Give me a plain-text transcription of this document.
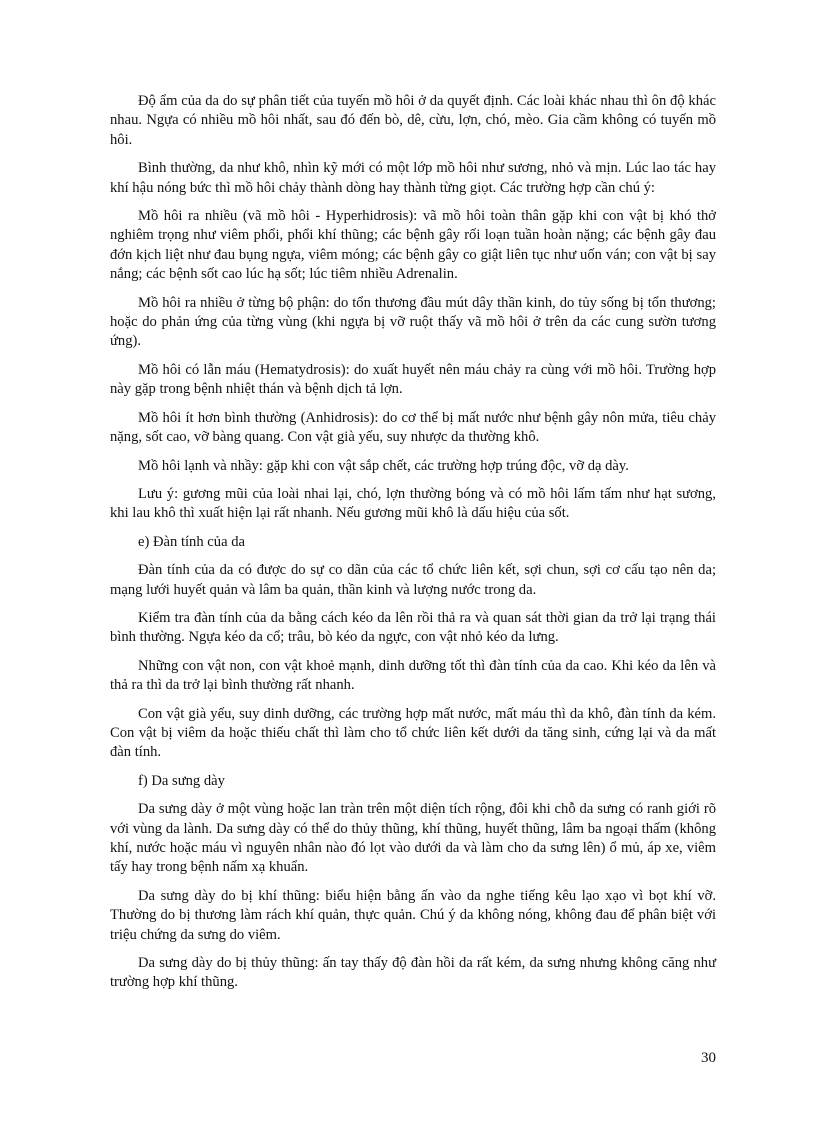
Độ ẩm của da do sự phân tiết của tuyến mồ hôi ở da quyết định. Các loài khác nhau thì ôn độ khác nhau. Ngựa có nhiều mồ hôi nhất, sau đó đến bò, dê, cừu, lợn, chó, mèo. Gia cầm không có tuyến mồ hôi.

Bình thường, da như khô, nhìn kỹ mới có một lớp mồ hôi như sương, nhỏ và mịn. Lúc lao tác hay khí hậu nóng bức thì mồ hôi chảy thành dòng hay thành từng giọt. Các trường hợp cần chú ý:

Mồ hôi ra nhiều (vã mồ hôi - Hyperhidrosis): vã mồ hôi toàn thân gặp khi con vật bị khó thở nghiêm trọng như viêm phổi, phổi khí thũng; các bệnh gây rối loạn tuần hoàn nặng; các bệnh gây đau đớn kịch liệt như đau bụng ngựa, viêm móng; các bệnh gây co giật liên tục như uốn ván; con vật bị say nắng; các bệnh sốt cao lúc hạ sốt; lúc tiêm nhiều Adrenalin.

Mồ hôi ra nhiều ở từng bộ phận: do tổn thương đầu mút dây thần kinh, do tủy sống bị tổn thương; hoặc do phản ứng của từng vùng (khi ngựa bị vỡ ruột thấy vã mồ hôi ở trên da các cung sườn tương ứng).

Mồ hôi có lẫn máu (Hematydrosis): do xuất huyết nên máu chảy ra cùng với mồ hôi. Trường hợp này gặp trong bệnh nhiệt thán và bệnh dịch tả lợn.

Mồ hôi ít hơn bình thường (Anhidrosis): do cơ thể bị mất nước như bệnh gây nôn mửa, tiêu chảy nặng, sốt cao, vỡ bàng quang. Con vật già yếu, suy nhược da thường khô.

Mồ hôi lạnh và nhầy: gặp khi con vật sắp chết, các trường hợp trúng độc, vỡ dạ dày.

Lưu ý: gương mũi của loài nhai lại, chó, lợn thường bóng và có mồ hôi lấm tấm như hạt sương, khi lau khô thì xuất hiện lại rất nhanh. Nếu gương mũi khô là dấu hiệu của sốt.

e) Đàn tính của da

Đàn tính của da có được do sự co dãn của các tổ chức liên kết, sợi chun, sợi cơ cấu tạo nên da; mạng lưới huyết quản và lâm ba quản, thần kinh và lượng nước trong da.

Kiểm tra đàn tính của da bằng cách kéo da lên rồi thả ra và quan sát thời gian da trở lại trạng thái bình thường. Ngựa kéo da cổ; trâu, bò kéo da ngực, con vật nhỏ kéo da lưng.

Những con vật non, con vật khoẻ mạnh, dinh dưỡng tốt thì đàn tính của da cao. Khi kéo da lên và thả ra thì da trở lại bình thường rất nhanh.

Con vật già yếu, suy dinh dưỡng, các trường hợp mất nước, mất máu thì da khô, đàn tính da kém. Con vật bị viêm da hoặc thiếu chất thì làm cho tổ chức liên kết dưới da tăng sinh, cứng lại và da mất đàn tính.

f) Da sưng dày

Da sưng dày ở một vùng hoặc lan tràn trên một diện tích rộng, đôi khi chỗ da sưng có ranh giới rõ với vùng da lành. Da sưng dày có thể do thủy thũng, khí thũng, huyết thũng, lâm ba ngoại thấm (không khí, nước hoặc máu vì nguyên nhân nào đó lọt vào dưới da và làm cho da sưng lên) ổ mủ, áp xe, viêm tấy hay trong bệnh nấm xạ khuẩn.

Da sưng dày do bị khí thũng: biểu hiện bằng ấn vào da nghe tiếng kêu lạo xạo vì bọt khí vỡ. Thường do bị thương làm rách khí quản, thực quản. Chú ý da không nóng, không đau để phân biệt với triệu chứng da sưng do viêm.

Da sưng dày do bị thủy thũng: ấn tay thấy độ đàn hồi da rất kém, da sưng nhưng không căng như trường hợp khí thũng.

30
